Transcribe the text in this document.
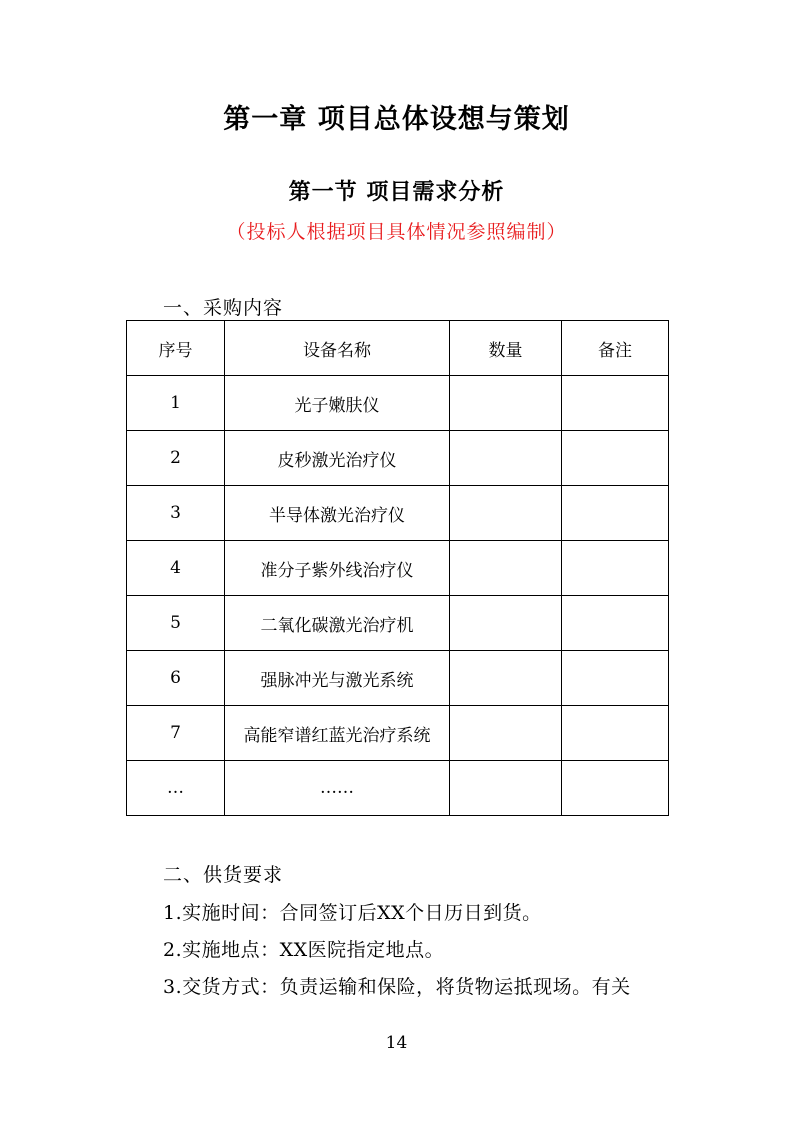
第一章 项目总体设想与策划
第一节 项目需求分析
（投标人根据项目具体情况参照编制）
一、采购内容
序号	设备名称	数量	备注
1	光子嫩肤仪		
2	皮秒激光治疗仪		
3	半导体激光治疗仪		
4	准分子紫外线治疗仪		
5	二氧化碳激光治疗机		
6	强脉冲光与激光系统		
7	高能窄谱红蓝光治疗系统		
…	……		
二、供货要求
1.实施时间：合同签订后XX个日历日到货。
2.实施地点：XX医院指定地点。
3.交货方式：负责运输和保险，将货物运抵现场。有关
14
